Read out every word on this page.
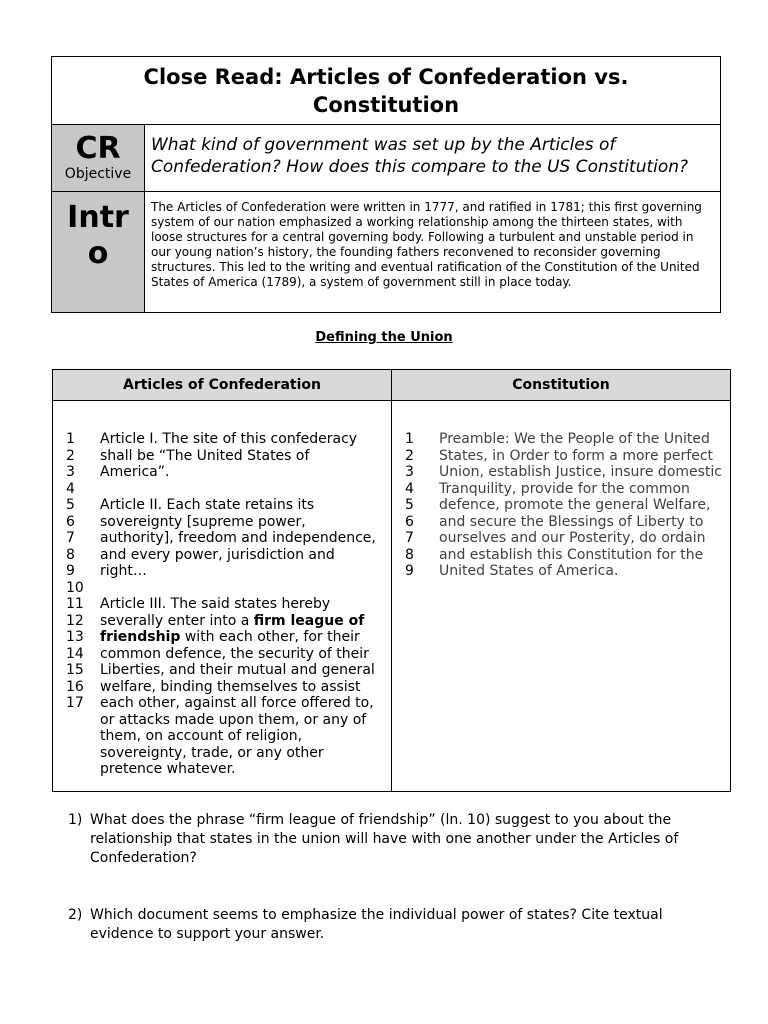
Close Read: Articles of Confederation vs. Constitution
CR
Objective
What kind of government was set up by the Articles of Confederation? How does this compare to the US Constitution?
Intro
The Articles of Confederation were written in 1777, and ratified in 1781; this first governing system of our nation emphasized a working relationship among the thirteen states, with loose structures for a central governing body. Following a turbulent and unstable period in our young nation’s history, the founding fathers reconvened to reconsider governing structures. This led to the writing and eventual ratification of the Constitution of the United States of America (1789), a system of government still in place today.
Defining the Union
Articles of Confederation
1
2
3
4
5
6
7
8
9
10
11
12
13
14
15
16
17

Article I. The site of this confederacy shall be “The United States of America”.

Article II. Each state retains its sovereignty [supreme power, authority], freedom and independence, and every power, jurisdiction and right…

Article III. The said states hereby severally enter into a firm league of friendship with each other, for their common defence, the security of their Liberties, and their mutual and general welfare, binding themselves to assist each other, against all force offered to, or attacks made upon them, or any of them, on account of religion, sovereignty, trade, or any other pretence whatever.

Constitution
1
2
3
4
5
6
7
8
9

Preamble: We the People of the United States, in Order to form a more perfect Union, establish Justice, insure domestic Tranquility, provide for the common defence, promote the general Welfare, and secure the Blessings of Liberty to ourselves and our Posterity, do ordain and establish this Constitution for the United States of America.

1) What does the phrase “firm league of friendship” (ln. 10) suggest to you about the relationship that states in the union will have with one another under the Articles of Confederation?
2) Which document seems to emphasize the individual power of states? Cite textual evidence to support your answer.
